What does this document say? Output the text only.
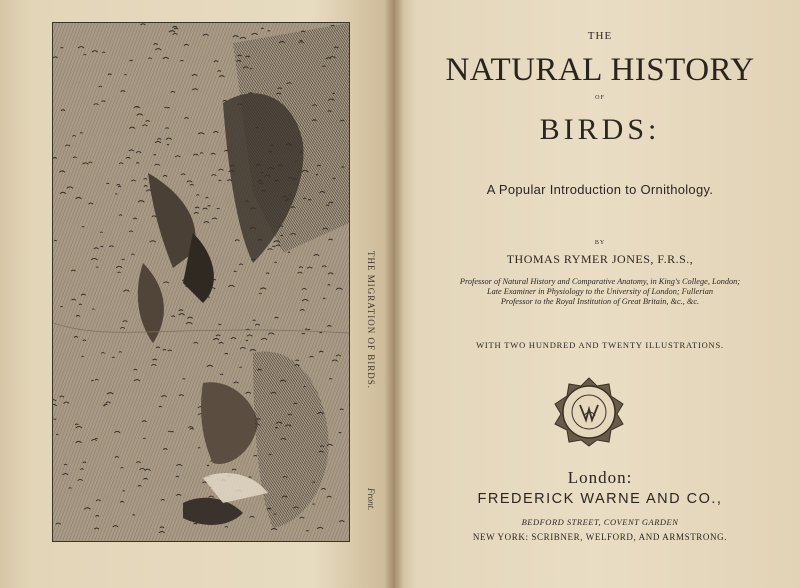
THE MIGRATION OF BIRDS.
Front.
THE
NATURAL HISTORY
OF
BIRDS:
A Popular Introduction to Ornithology.
BY
THOMAS RYMER JONES, F.R.S.,
Professor of Natural History and Comparative Anatomy, in King's College, London;
Late Examiner in Physiology to the University of London; Fullerian
Professor to the Royal Institution of Great Britain, &c., &c.
WITH TWO HUNDRED AND TWENTY ILLUSTRATIONS.
London:
FREDERICK WARNE AND CO.,
BEDFORD STREET, COVENT GARDEN
NEW YORK: SCRIBNER, WELFORD, AND ARMSTRONG.
